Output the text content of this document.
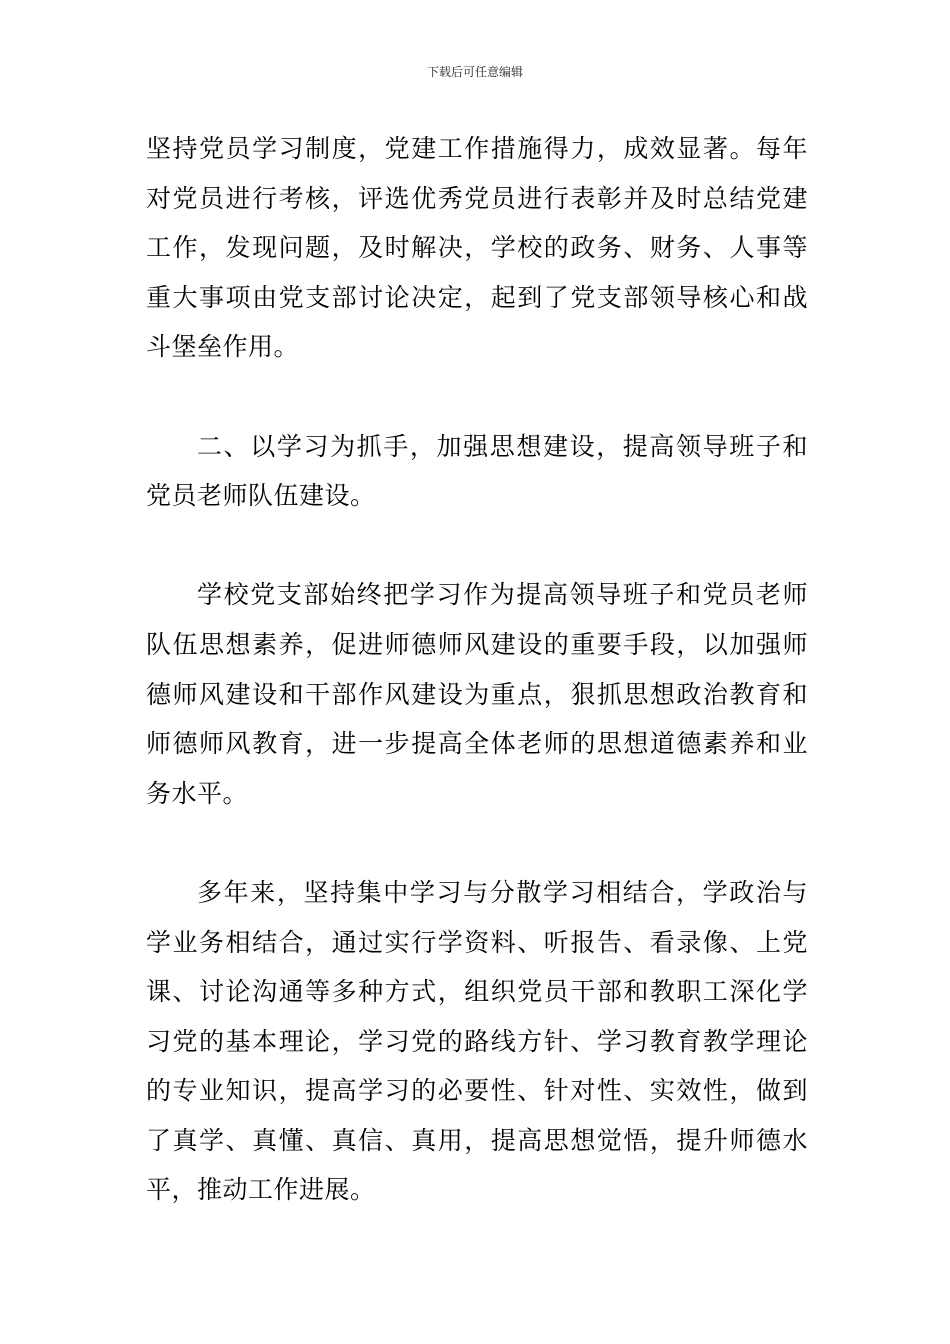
下载后可任意编辑

坚持党员学习制度，党建工作措施得力，成效显著。每年对党员进行考核，评选优秀党员进行表彰并及时总结党建工作，发现问题，及时解决，学校的政务、财务、人事等重大事项由党支部讨论决定，起到了党支部领导核心和战斗堡垒作用。

二、以学习为抓手，加强思想建设，提高领导班子和党员老师队伍建设。

学校党支部始终把学习作为提高领导班子和党员老师队伍思想素养，促进师德师风建设的重要手段，以加强师德师风建设和干部作风建设为重点，狠抓思想政治教育和师德师风教育，进一步提高全体老师的思想道德素养和业务水平。

多年来，坚持集中学习与分散学习相结合，学政治与学业务相结合，通过实行学资料、听报告、看录像、上党课、讨论沟通等多种方式，组织党员干部和教职工深化学习党的基本理论，学习党的路线方针、学习教育教学理论的专业知识，提高学习的必要性、针对性、实效性，做到了真学、真懂、真信、真用，提高思想觉悟，提升师德水平，推动工作进展。
